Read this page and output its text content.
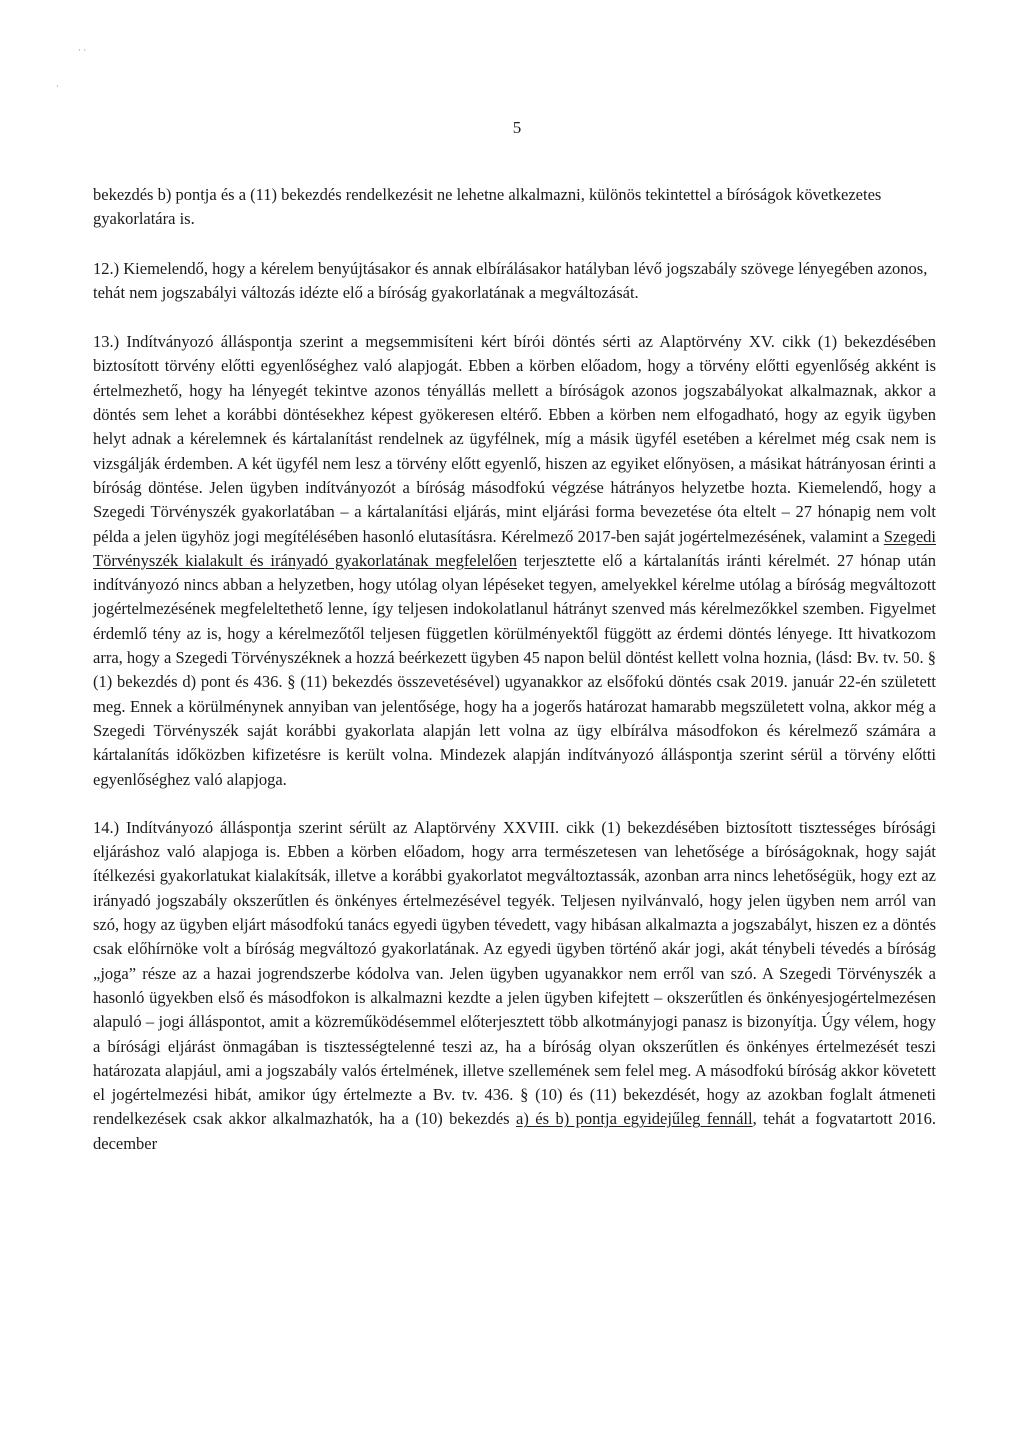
· ·
·
5

bekezdés b) pontja és a (11) bekezdés rendelkezésit ne lehetne alkalmazni, különös tekintettel a bíróságok következetes gyakorlatára is.

12.) Kiemelendő, hogy a kérelem benyújtásakor és annak elbírálásakor hatályban lévő jogszabály szövege lényegében azonos, tehát nem jogszabályi változás idézte elő a bíróság gyakorlatának a megváltozását.

13.) Indítványozó álláspontja szerint a megsemmisíteni kért bírói döntés sérti az Alaptörvény XV. cikk (1) bekezdésében biztosított törvény előtti egyenlőséghez való alapjogát. Ebben a körben előadom, hogy a törvény előtti egyenlőség akként is értelmezhető, hogy ha lényegét tekintve azonos tényállás mellett a bíróságok azonos jogszabályokat alkalmaznak, akkor a döntés sem lehet a korábbi döntésekhez képest gyökeresen eltérő. Ebben a körben nem elfogadható, hogy az egyik ügyben helyt adnak a kérelemnek és kártalanítást rendelnek az ügyfélnek, míg a másik ügyfél esetében a kérelmet még csak nem is vizsgálják érdemben. A két ügyfél nem lesz a törvény előtt egyenlő, hiszen az egyiket előnyösen, a másikat hátrányosan érinti a bíróság döntése. Jelen ügyben indítványozót a bíróság másodfokú végzése hátrányos helyzetbe hozta. Kiemelendő, hogy a Szegedi Törvényszék gyakorlatában – a kártalanítási eljárás, mint eljárási forma bevezetése óta eltelt – 27 hónapig nem volt példa a jelen ügyhöz jogi megítélésében hasonló elutasításra. Kérelmező 2017-ben saját jogértelmezésének, valamint a Szegedi Törvényszék kialakult és irányadó gyakorlatának megfelelően terjesztette elő a kártalanítás iránti kérelmét. 27 hónap után indítványozó nincs abban a helyzetben, hogy utólag olyan lépéseket tegyen, amelyekkel kérelme utólag a bíróság megváltozott jogértelmezésének megfeleltethető lenne, így teljesen indokolatlanul hátrányt szenved más kérelmezőkkel szemben. Figyelmet érdemlő tény az is, hogy a kérelmezőtől teljesen független körülményektől függött az érdemi döntés lényege. Itt hivatkozom arra, hogy a Szegedi Törvényszéknek a hozzá beérkezett ügyben 45 napon belül döntést kellett volna hoznia, (lásd: Bv. tv. 50. § (1) bekezdés d) pont és 436. § (11) bekezdés összevetésével) ugyanakkor az elsőfokú döntés csak 2019. január 22-én született meg. Ennek a körülménynek annyiban van jelentősége, hogy ha a jogerős határozat hamarabb megszületett volna, akkor még a Szegedi Törvényszék saját korábbi gyakorlata alapján lett volna az ügy elbírálva másodfokon és kérelmező számára a kártalanítás időközben kifizetésre is került volna. Mindezek alapján indítványozó álláspontja szerint sérül a törvény előtti egyenlőséghez való alapjoga.

14.) Indítványozó álláspontja szerint sérült az Alaptörvény XXVIII. cikk (1) bekezdésében biztosított tisztességes bírósági eljáráshoz való alapjoga is. Ebben a körben előadom, hogy arra természetesen van lehetősége a bíróságoknak, hogy saját ítélkezési gyakorlatukat kialakítsák, illetve a korábbi gyakorlatot megváltoztassák, azonban arra nincs lehetőségük, hogy ezt az irányadó jogszabály okszerűtlen és önkényes értelmezésével tegyék. Teljesen nyilvánvaló, hogy jelen ügyben nem arról van szó, hogy az ügyben eljárt másodfokú tanács egyedi ügyben tévedett, vagy hibásan alkalmazta a jogszabályt, hiszen ez a döntés csak előhírnöke volt a bíróság megváltozó gyakorlatának. Az egyedi ügyben történő akár jogi, akát ténybeli tévedés a bíróság „joga” része az a hazai jogrendszerbe kódolva van. Jelen ügyben ugyanakkor nem erről van szó. A Szegedi Törvényszék a hasonló ügyekben első és másodfokon is alkalmazni kezdte a jelen ügyben kifejtett – okszerűtlen és önkényesjogértelmezésen alapuló – jogi álláspontot, amit a közreműködésemmel előterjesztett több alkotmányjogi panasz is bizonyítja. Úgy vélem, hogy a bírósági eljárást önmagában is tisztességtelenné teszi az, ha a bíróság olyan okszerűtlen és önkényes értelmezését teszi határozata alapjául, ami a jogszabály valós értelmének, illetve szellemének sem felel meg. A másodfokú bíróság akkor követett el jogértelmezési hibát, amikor úgy értelmezte a Bv. tv. 436. § (10) és (11) bekezdését, hogy az azokban foglalt átmeneti rendelkezések csak akkor alkalmazhatók, ha a (10) bekezdés a) és b) pontja egyidejűleg fennáll, tehát a fogvatartott 2016. december
